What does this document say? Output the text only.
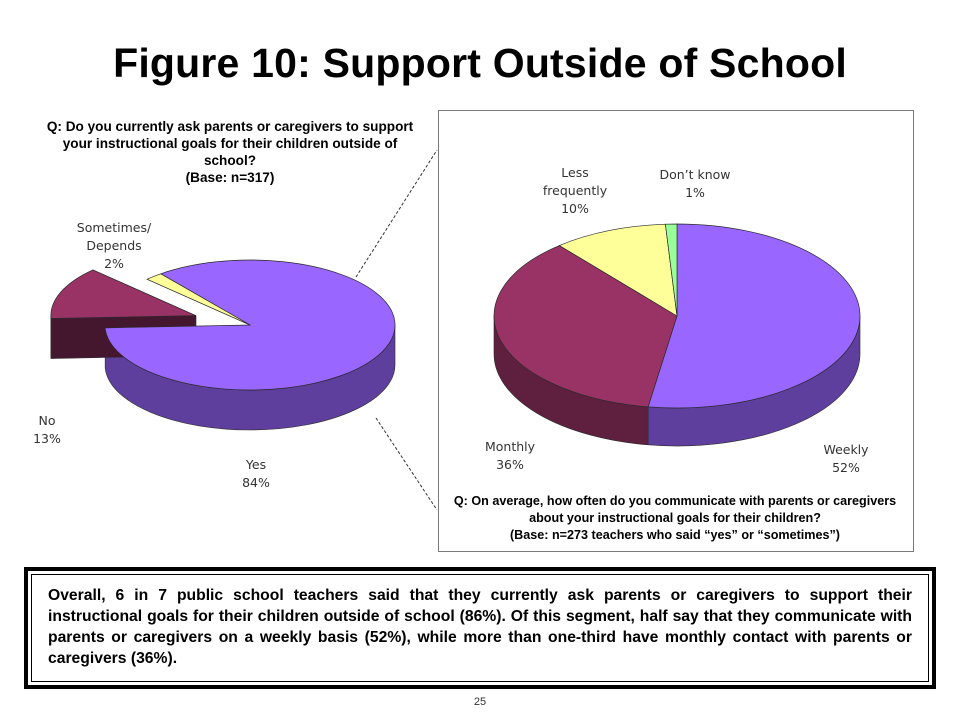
Figure 10: Support Outside of School
Q: Do you currently ask parents or caregivers to support your instructional goals for their children outside of school?
(Base: n=317)
Sometimes/
Depends
2%
No
13%
Yes
84%
Less
frequently
10%
Don’t know
1%
Monthly
36%
Weekly
52%
Q: On average, how often do you communicate with parents or caregivers about your instructional goals for their children?
(Base: n=273 teachers who said “yes” or “sometimes”)
Overall, 6 in 7 public school teachers said that they currently ask parents or caregivers to support their instructional goals for their children outside of school (86%). Of this segment, half say that they communicate with parents or caregivers on a weekly basis (52%), while more than one-third have monthly contact with parents or caregivers (36%).
25
